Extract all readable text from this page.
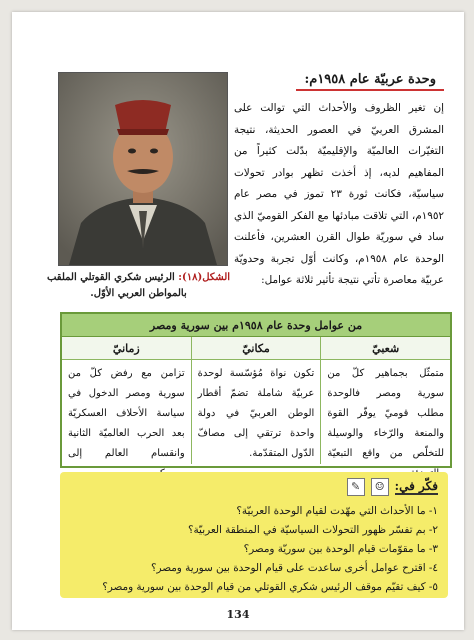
وحدة عربيّة عام ١٩٥٨م:
الشكل(١٨): الرئيس شكري القوتلي الملقب بالمواطن العربي الأوّل.
إن تغير الظروف والأحداث التي توالت على المشرق العربيّ في العصور الحديثة، نتيجة التغيّرات العالميّة والإقليميّة بدّلت كثيراً من المفاهيم لديه، إذ أخذت تظهر بوادر تحولات سياسيّة، فكانت ثورة ٢٣ تموز في مصر عام ١٩٥٢م، التي تلاقت مبادئها مع الفكر القوميّ الذي ساد في سوريّة طوال القرن العشرين، فأعلنت الوحدة عام ١٩٥٨م، وكانت أوّل تجربة وحدويّة عربيّة معاصرة تأتي نتيجة تأثير ثلاثة عوامل:
من عوامل وحدة عام ١٩٥٨م بين سورية ومصر
شعبيّ
مكانيّ
زمانيّ
متمثّل بجماهير كلّ من سورية ومصر فالوحدة مطلب قوميّ يوفّر القوة والمنعة والرّخاء والوسيلة للتخلّص من واقع التبعيّة
تكون نواة مُؤسّسة لوحدة عربيّة شاملة تضمّ أقطار الوطن العربيّ في دولة واحدة ترتقي إلى مصافّ الدّول المتقدّمة.
تزامن مع رفض كلّ من سورية ومصر الدخول في سياسة الأحلاف العسكريّة بعد الحرب العالميّة الثانية وانقسام العالم إلى
فكّر في:
☺
✎
١- ما الأحداث التي مهّدت لقيام الوحدة العربيّة؟
٢- بم تفسّر ظهور التحولات السياسيّة في المنطقة العربيّة؟
٣- ما مقوّمات قيام الوحدة بين سوريّة ومصر؟
٤- اقترح عوامل أخرى ساعدت على قيام الوحدة بين سورية ومصر؟
٥- كيف تقيّم موقف الرئيس شكري القوتلي من قيام الوحدة بين سورية ومصر؟
134
